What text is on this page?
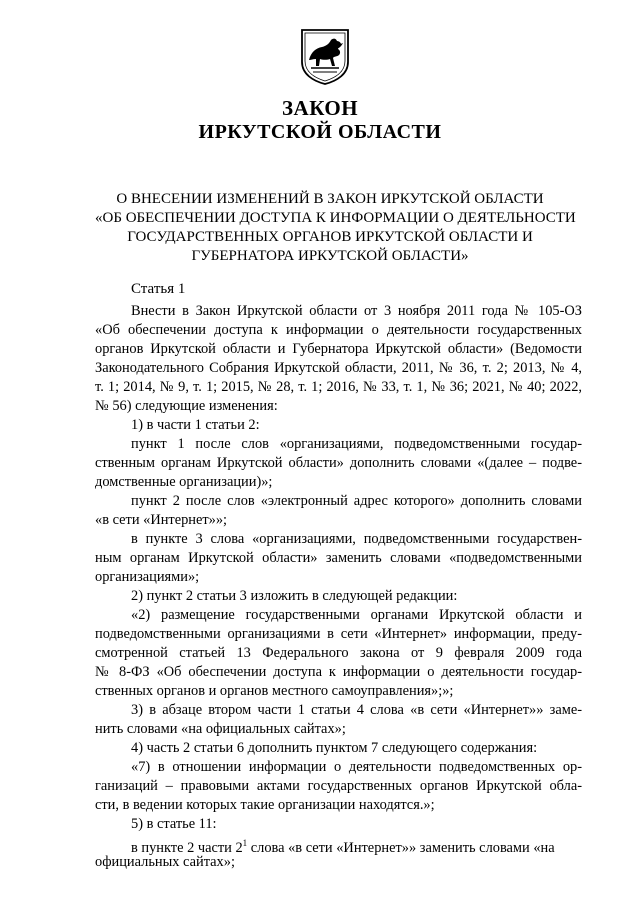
ЗАКОН
ИРКУТСКОЙ ОБЛАСТИ
О ВНЕСЕНИИ ИЗМЕНЕНИЙ В ЗАКОН ИРКУТСКОЙ ОБЛАСТИ
«ОБ ОБЕСПЕЧЕНИИ ДОСТУПА К ИНФОРМАЦИИ О ДЕЯТЕЛЬНОСТИ
ГОСУДАРСТВЕННЫХ ОРГАНОВ ИРКУТСКОЙ ОБЛАСТИ И
ГУБЕРНАТОРА ИРКУТСКОЙ ОБЛАСТИ»
Статья 1
Внести в Закон Иркутской области от 3 ноября 2011 года № 105-ОЗ
«Об обеспечении доступа к информации о деятельности государственных
органов Иркутской области и Губернатора Иркутской области» (Ведомости
Законодательного Собрания Иркутской области, 2011, № 36, т. 2; 2013, № 4,
т. 1; 2014, № 9, т. 1; 2015, № 28, т. 1; 2016, № 33, т. 1, № 36; 2021, № 40; 2022,
№ 56) следующие изменения:
1) в части 1 статьи 2:
пункт 1 после слов «организациями, подведомственными государ-
ственным органам Иркутской области» дополнить словами «(далее – подве-
домственные организации)»;
пункт 2 после слов «электронный адрес которого» дополнить словами
«в сети «Интернет»»;
в пункте 3 слова «организациями, подведомственными государствен-
ным органам Иркутской области» заменить словами «подведомственными
организациями»;
2) пункт 2 статьи 3 изложить в следующей редакции:
«2) размещение государственными органами Иркутской области и
подведомственными организациями в сети «Интернет» информации, преду-
смотренной статьей 13 Федерального закона от 9 февраля 2009 года
№ 8-ФЗ «Об обеспечении доступа к информации о деятельности государ-
ственных органов и органов местного самоуправления»;»;
3) в абзаце втором части 1 статьи 4 слова «в сети «Интернет»» заме-
нить словами «на официальных сайтах»;
4) часть 2 статьи 6 дополнить пунктом 7 следующего содержания:
«7) в отношении информации о деятельности подведомственных ор-
ганизаций – правовыми актами государственных органов Иркутской обла-
сти, в ведении которых такие организации находятся.»;
5) в статье 11:
в пункте 2 части $2^1$ слова «в сети «Интернет»» заменить словами «на
официальных сайтах»;
